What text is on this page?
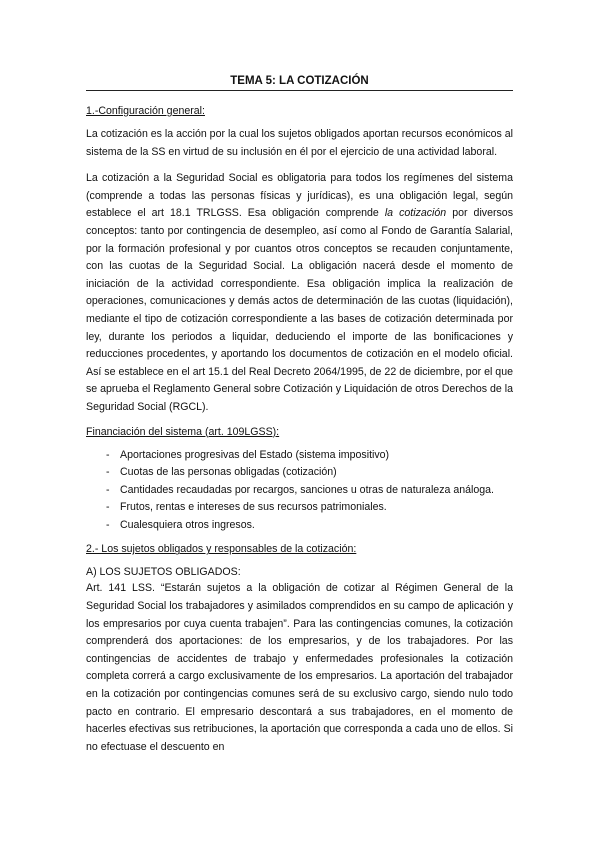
TEMA 5: LA COTIZACIÓN
1.-Configuración general:

La cotización es la acción por la cual los sujetos obligados aportan recursos económicos al sistema de la SS en virtud de su inclusión en él por el ejercicio de una actividad laboral.

La cotización a la Seguridad Social es obligatoria para todos los regímenes del sistema (comprende a todas las personas físicas y jurídicas), es una obligación legal, según establece el art 18.1 TRLGSS. Esa obligación comprende la cotización por diversos conceptos: tanto por contingencia de desempleo, así como al Fondo de Garantía Salarial, por la formación profesional y por cuantos otros conceptos se recauden conjuntamente, con las cuotas de la Seguridad Social. La obligación nacerá desde el momento de iniciación de la actividad correspondiente. Esa obligación implica la realización de operaciones, comunicaciones y demás actos de determinación de las cuotas (liquidación), mediante el tipo de cotización correspondiente a las bases de cotización determinada por ley, durante los periodos a liquidar, deduciendo el importe de las bonificaciones y reducciones procedentes, y aportando los documentos de cotización en el modelo oficial. Así se establece en el art 15.1 del Real Decreto 2064/1995, de 22 de diciembre, por el que se aprueba el Reglamento General sobre Cotización y Liquidación de otros Derechos de la Seguridad Social (RGCL).

Financiación del sistema (art. 109LGSS):
- Aportaciones progresivas del Estado (sistema impositivo)
- Cuotas de las personas obligadas (cotización)
- Cantidades recaudadas por recargos, sanciones u otras de naturaleza análoga.
- Frutos, rentas e intereses de sus recursos patrimoniales.
- Cualesquiera otros ingresos.
2.- Los sujetos obligados y responsables de la cotización:
A) LOS SUJETOS OBLIGADOS:

Art. 141 LSS. “Estarán sujetos a la obligación de cotizar al Régimen General de la Seguridad Social los trabajadores y asimilados comprendidos en su campo de aplicación y los empresarios por cuya cuenta trabajen”. Para las contingencias comunes, la cotización comprenderá dos aportaciones: de los empresarios, y de los trabajadores. Por las contingencias de accidentes de trabajo y enfermedades profesionales la cotización completa correrá a cargo exclusivamente de los empresarios. La aportación del trabajador en la cotización por contingencias comunes será de su exclusivo cargo, siendo nulo todo pacto en contrario. El empresario descontará a sus trabajadores, en el momento de hacerles efectivas sus retribuciones, la aportación que corresponda a cada uno de ellos. Si no efectuase el descuento en
